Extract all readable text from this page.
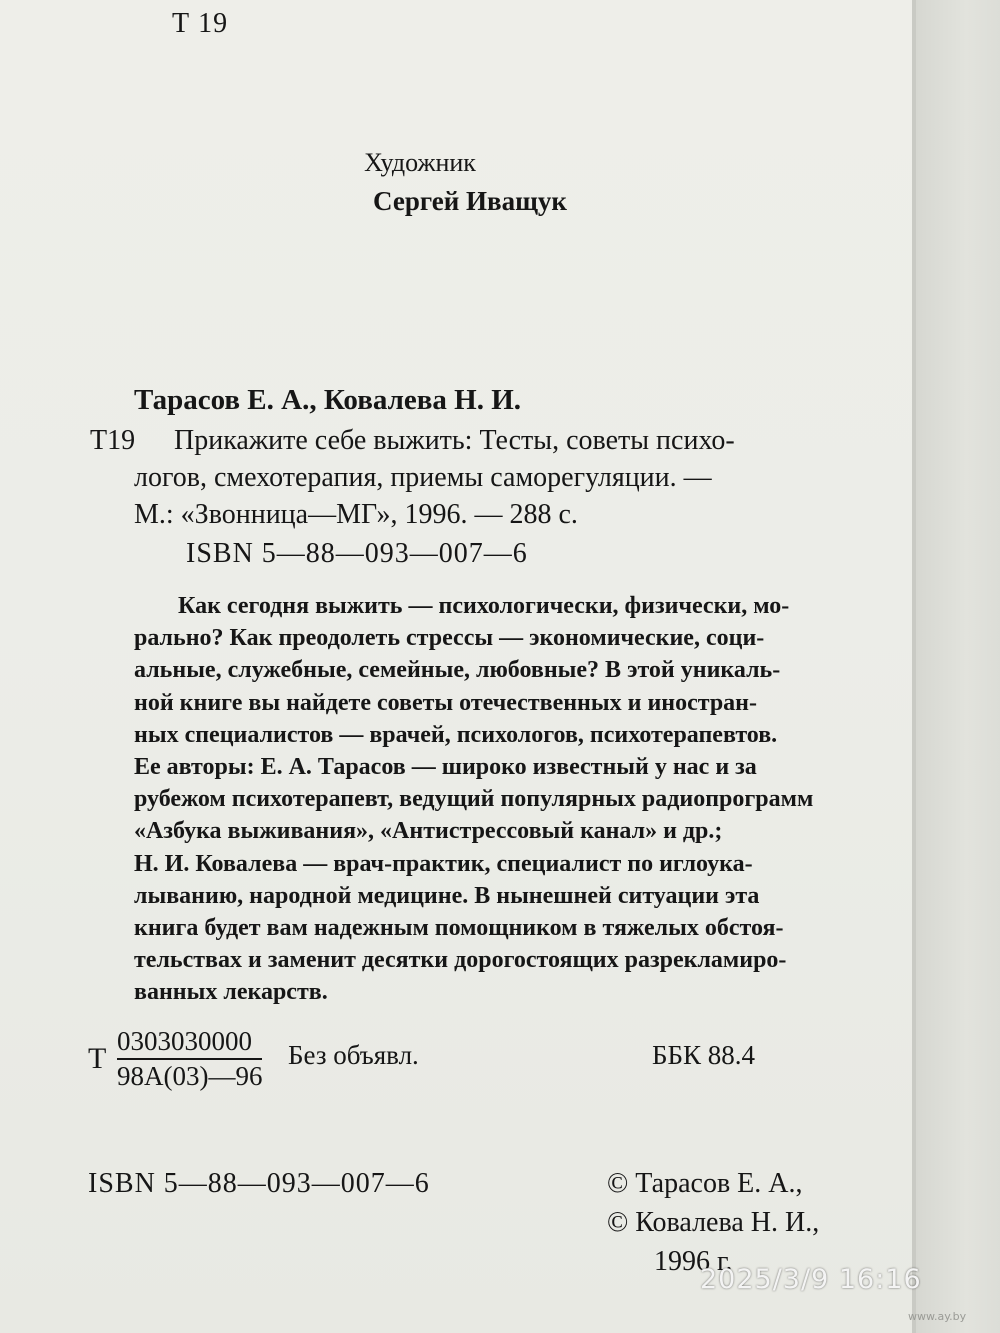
Т 19
Художник
Сергей Иващук
Тарасов Е. А., Ковалева Н. И.
Т19 Прикажите себе выжить: Тесты, советы психо-
логов, смехотерапия, приемы саморегуляции. —
М.: «Звонница—МГ», 1996. — 288 с.
ISBN 5—88—093—007—6
Как сегодня выжить — психологически, физически, мо-
рально? Как преодолеть стрессы — экономические, соци-
альные, служебные, семейные, любовные? В этой уникаль-
ной книге вы найдете советы отечественных и иностран-
ных специалистов — врачей, психологов, психотерапевтов.
Ее авторы: Е. А. Тарасов — широко известный у нас и за
рубежом психотерапевт, ведущий популярных радиопрограмм
«Азбука выживания», «Антистрессовый канал» и др.;
Н. И. Ковалева — врач-практик, специалист по иглоука-
лыванию, народной медицине. В нынешней ситуации эта
книга будет вам надежным помощником в тяжелых обстоя-
тельствах и заменит десятки дорогостоящих разрекламиро-
ванных лекарств.
Т
0303030000
98А(03)—96
Без объявл.	ББК 88.4
ISBN 5—88—093—007—6	© Тарасов Е. А.,
© Ковалева Н. И.,
1996 г.
2025/3/9 16:16
www.ay.by
